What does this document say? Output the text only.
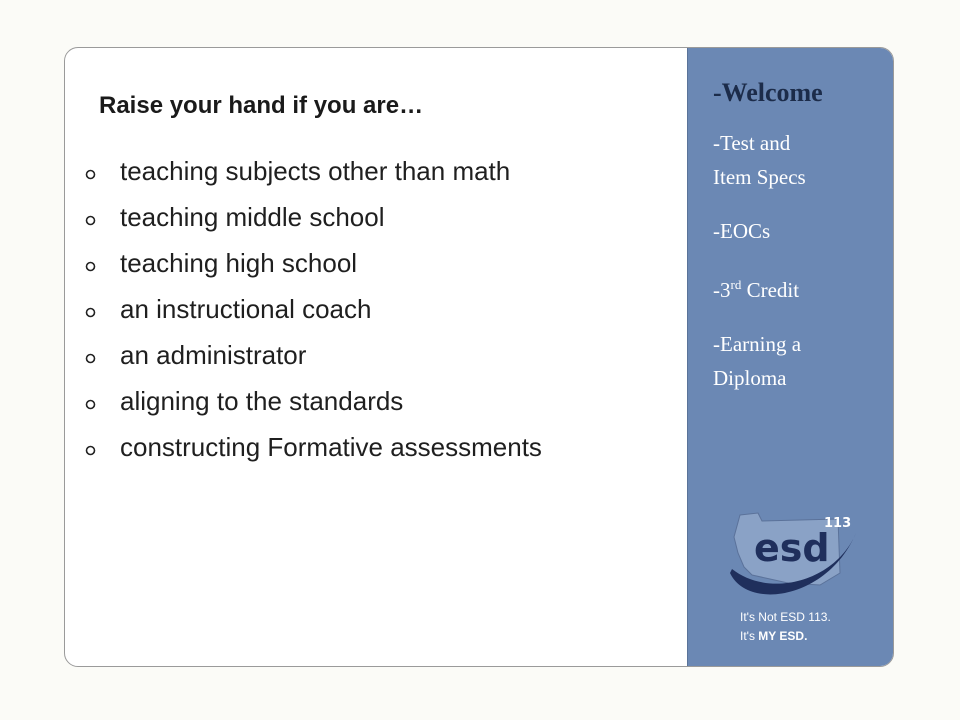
Raise your hand if you are…
teaching subjects other than math
teaching middle school
teaching high school
an instructional coach
an administrator
aligning to the standards
constructing Formative assessments
-Welcome
-Test and
Item Specs
-EOCs
-3rd Credit
-Earning a
Diploma
esd
113
It's Not ESD 113.
It's MY ESD.
